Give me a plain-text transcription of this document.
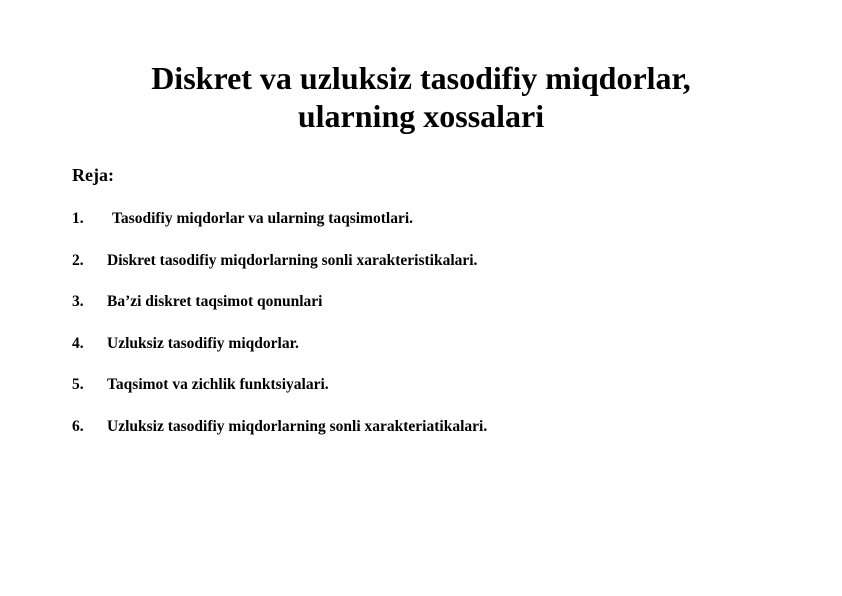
Diskret va uzluksiz tasodifiy miqdorlar,
ularning xossalari

Reja:

1. Tasodifiy miqdorlar va ularning taqsimotlari.
2. Diskret tasodifiy miqdorlarning sonli xarakteristikalari.
3. Ba’zi diskret taqsimot qonunlari
4. Uzluksiz tasodifiy miqdorlar.
5. Taqsimot va zichlik funktsiyalari.
6. Uzluksiz tasodifiy miqdorlarning sonli xarakteriatikalari.
